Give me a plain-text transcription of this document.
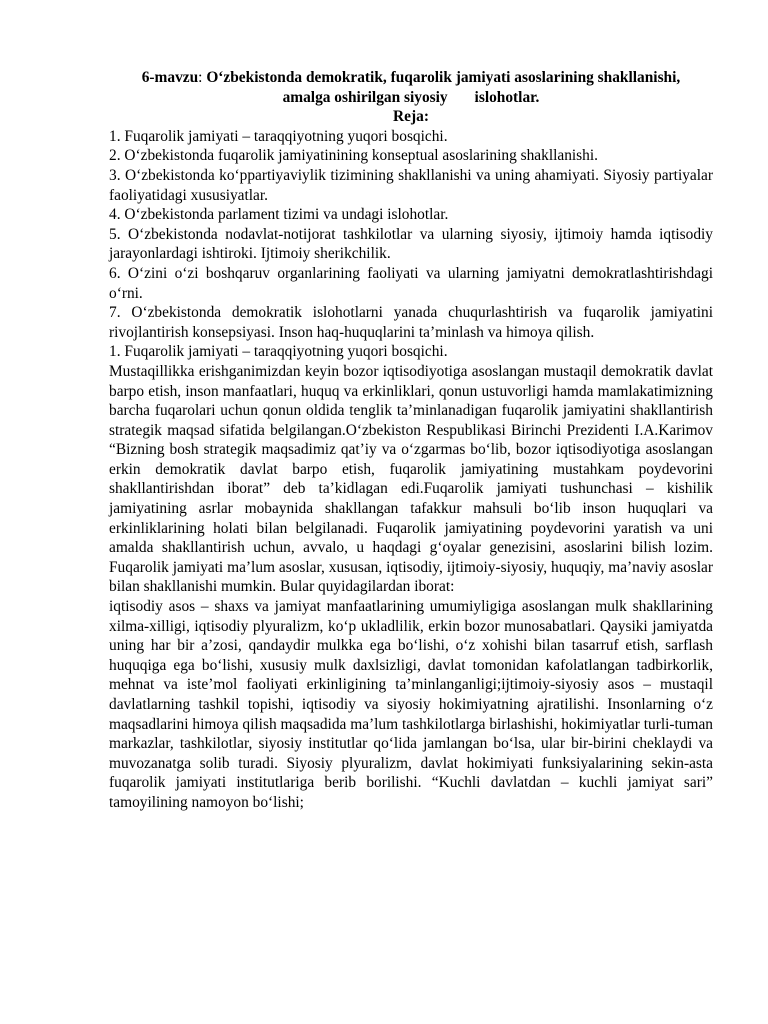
6-mavzu: O‘zbekistonda demokratik, fuqarolik jamiyati asoslarining shakllanishi, amalga oshirilgan siyosiy       islohotlar.

Reja:

1. Fuqarolik jamiyati – taraqqiyotning yuqori bosqichi.

2. O‘zbekistonda fuqarolik jamiyatinining konseptual asoslarining shakllanishi.

3. O‘zbekistonda ko‘ppartiyaviylik tizimining shakllanishi va uning ahamiyati. Siyosiy partiyalar faoliyatidagi xususiyatlar.

4. O‘zbekistonda parlament tizimi va undagi islohotlar.

5. O‘zbekistonda nodavlat-notijorat tashkilotlar va ularning siyosiy, ijtimoiy hamda iqtisodiy jarayonlardagi ishtiroki. Ijtimoiy sherikchilik.

6. O‘zini o‘zi boshqaruv organlarining faoliyati va ularning jamiyatni demokratlashtirishdagi o‘rni.

7. O‘zbekistonda demokratik islohotlarni yanada chuqurlashtirish va fuqarolik jamiyatini rivojlantirish konsepsiyasi. Inson haq-huquqlarini ta’minlash va himoya qilish.

1. Fuqarolik jamiyati – taraqqiyotning yuqori bosqichi.

Mustaqillikka erishganimizdan keyin bozor iqtisodiyotiga asoslangan mustaqil demokratik davlat barpo etish, inson manfaatlari, huquq va erkinliklari, qonun ustuvorligi hamda mamlakatimizning barcha fuqarolari uchun qonun oldida tenglik ta’minlanadigan fuqarolik jamiyatini shakllantirish strategik maqsad sifatida belgilangan.O‘zbekiston Respublikasi Birinchi Prezidenti I.A.Karimov “Bizning bosh strategik maqsadimiz qat’iy va o‘zgarmas bo‘lib, bozor iqtisodiyotiga asoslangan erkin demokratik davlat barpo etish, fuqarolik jamiyatining mustahkam poydevorini shakllantirishdan iborat” deb ta’kidlagan edi.Fuqarolik jamiyati tushunchasi – kishilik jamiyatining asrlar mobaynida shakllangan tafakkur mahsuli bo‘lib inson huquqlari va erkinliklarining holati bilan belgilanadi. Fuqarolik jamiyatining poydevorini yaratish va uni amalda shakllantirish uchun, avvalo, u haqdagi g‘oyalar genezisini, asoslarini bilish lozim. Fuqarolik jamiyati ma’lum asoslar, xususan, iqtisodiy, ijtimoiy-siyosiy, huquqiy, ma’naviy asoslar bilan shakllanishi mumkin. Bular quyidagilardan iborat:

iqtisodiy asos – shaxs va jamiyat manfaatlarining umumiyligiga asoslangan mulk shakllarining xilma-xilligi, iqtisodiy plyuralizm, ko‘p ukladlilik, erkin bozor munosabatlari. Qaysiki jamiyatda uning har bir a’zosi, qandaydir mulkka ega bo‘lishi, o‘z xohishi bilan tasarruf etish, sarflash huquqiga ega bo‘lishi, xususiy mulk daxlsizligi, davlat tomonidan kafolatlangan tadbirkorlik, mehnat va iste’mol faoliyati erkinligining ta’minlanganligi;ijtimoiy-siyosiy asos – mustaqil davlatlarning tashkil topishi, iqtisodiy va siyosiy hokimiyatning ajratilishi. Insonlarning o‘z maqsadlarini himoya qilish maqsadida ma’lum tashkilotlarga birlashishi, hokimiyatlar turli-tuman markazlar, tashkilotlar, siyosiy institutlar qo‘lida jamlangan bo‘lsa, ular bir-birini cheklaydi va muvozanatga solib turadi. Siyosiy plyuralizm, davlat hokimiyati funksiyalarining sekin-asta fuqarolik jamiyati institutlariga berib borilishi. “Kuchli davlatdan – kuchli jamiyat sari” tamoyilining namoyon bo‘lishi;
